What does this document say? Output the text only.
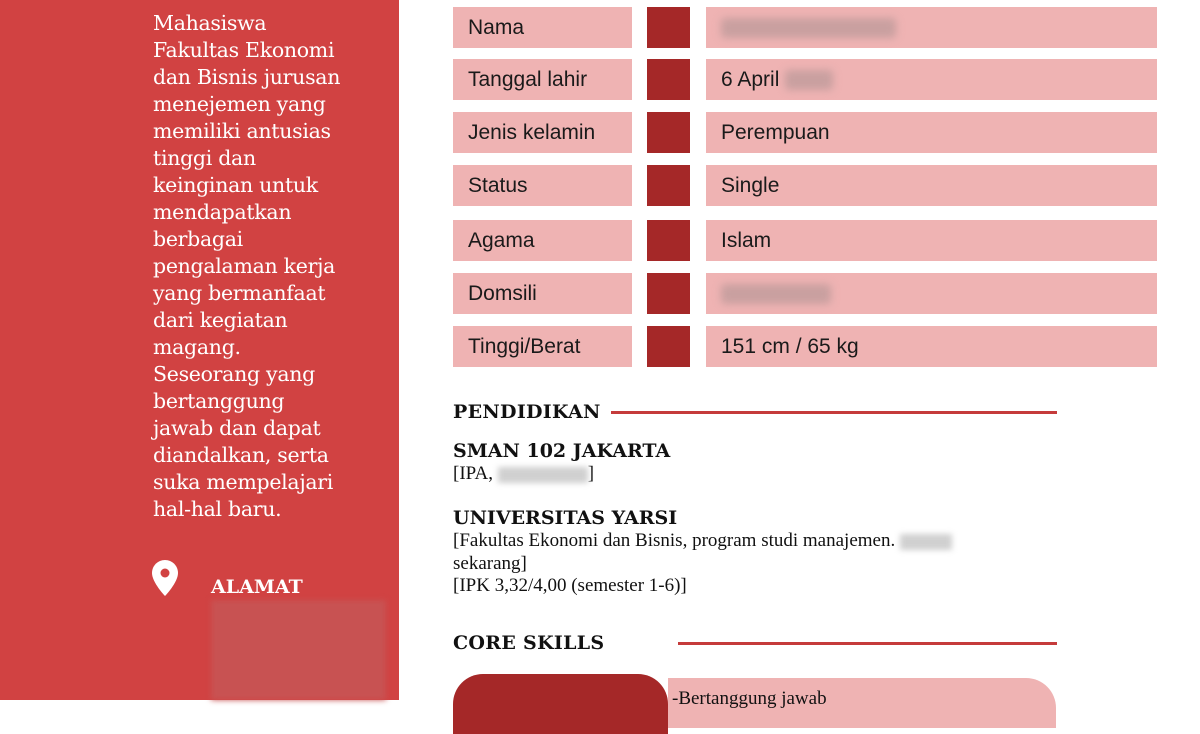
Mahasiswa Fakultas Ekonomi dan Bisnis jurusan menejemen yang memiliki antusias tinggi dan keinginan untuk mendapatkan berbagai pengalaman kerja yang bermanfaat dari kegiatan magang. Seseorang yang bertanggung jawab dan dapat diandalkan, serta suka mempelajari hal-hal baru.

ALAMAT
Nama
Tanggal lahir	6 April
Jenis kelamin	Perempuan
Status	Single
Agama	Islam
Domsili
Tinggi/Berat	151 cm / 65 kg
PENDIDIKAN
SMAN 102 JAKARTA
[IPA,	]
UNIVERSITAS YARSI
[Fakultas Ekonomi dan Bisnis, program studi manajemen.
sekarang]
[IPK 3,32/4,00 (semester 1-6)]
CORE SKILLS
-Bertanggung jawab
